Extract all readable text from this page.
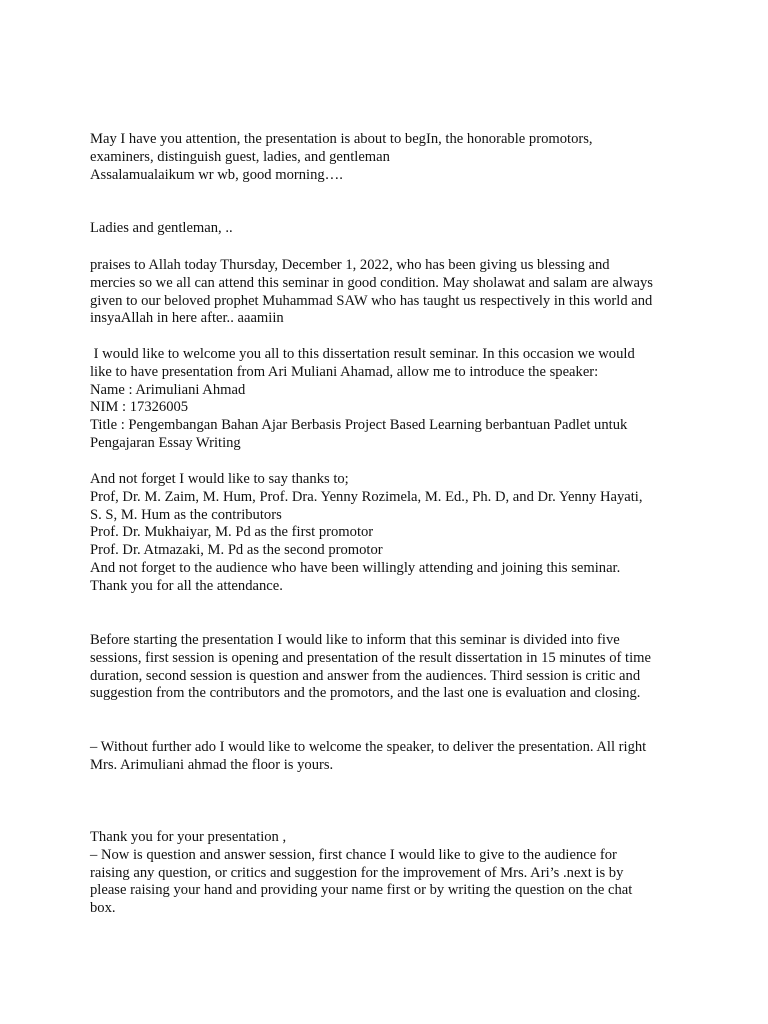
May I have you attention, the presentation is about to begIn, the honorable promotors,
examiners, distinguish guest, ladies, and gentleman
Assalamualaikum wr wb, good morning….
Ladies and gentleman, ..
praises to Allah today Thursday, December 1, 2022, who has been giving us blessing and
mercies so we all can attend this seminar in good condition. May sholawat and salam are always
given to our beloved prophet Muhammad SAW who has taught us respectively in this world and
insyaAllah in here after.. aaamiin
I would like to welcome you all to this dissertation result seminar. In this occasion we would
like to have presentation from Ari Muliani Ahamad, allow me to introduce the speaker:
Name : Arimuliani Ahmad
NIM : 17326005
Title : Pengembangan Bahan Ajar Berbasis Project Based Learning berbantuan Padlet untuk
Pengajaran Essay Writing
And not forget I would like to say thanks to;
Prof, Dr. M. Zaim, M. Hum, Prof. Dra. Yenny Rozimela, M. Ed., Ph. D, and Dr. Yenny Hayati,
S. S, M. Hum as the contributors
Prof. Dr. Mukhaiyar, M. Pd as the first promotor
Prof. Dr. Atmazaki, M. Pd as the second promotor
And not forget to the audience who have been willingly attending and joining this seminar.
Thank you for all the attendance.
Before starting the presentation I would like to inform that this seminar is divided into five
sessions, first session is opening and presentation of the result dissertation in 15 minutes of time
duration, second session is question and answer from the audiences. Third session is critic and
suggestion from the contributors and the promotors, and the last one is evaluation and closing.
– Without further ado I would like to welcome the speaker, to deliver the presentation. All right
Mrs. Arimuliani ahmad the floor is yours.
Thank you for your presentation ,
– Now is question and answer session, first chance I would like to give to the audience for
raising any question, or critics and suggestion for the improvement of Mrs. Ari’s .next is by
please raising your hand and providing your name first or by writing the question on the chat
box.
